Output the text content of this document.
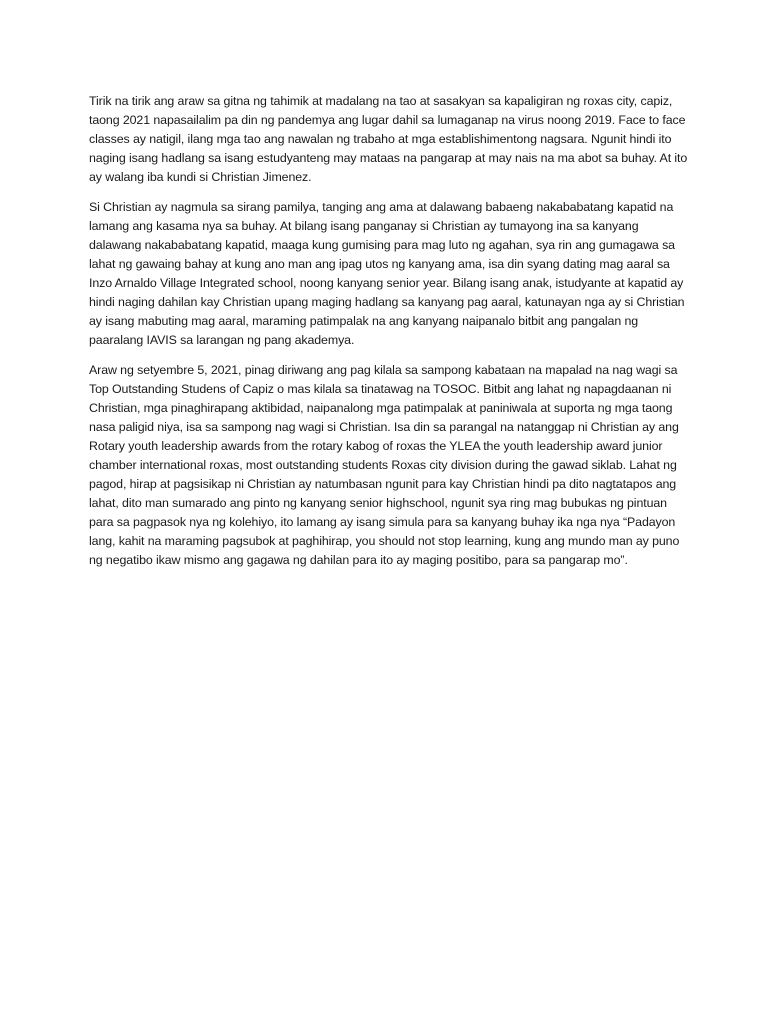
Tirik na tirik ang araw sa gitna ng tahimik at madalang na tao at sasakyan sa kapaligiran ng roxas city, capiz, taong 2021 napasailalim pa din ng pandemya ang lugar dahil sa lumaganap na virus noong 2019. Face to face classes ay natigil, ilang mga tao ang nawalan ng trabaho at mga establishimentong nagsara. Ngunit hindi ito naging isang hadlang sa isang estudyanteng may mataas na pangarap at may nais na ma abot sa buhay. At ito ay walang iba kundi si Christian Jimenez.

Si Christian ay nagmula sa sirang pamilya, tanging ang ama at dalawang babaeng nakababatang kapatid na lamang ang kasama nya sa buhay. At bilang isang panganay si Christian ay tumayong ina sa kanyang dalawang nakababatang kapatid, maaga kung gumising para mag luto ng agahan, sya rin ang gumagawa sa lahat ng gawaing bahay at kung ano man ang ipag utos ng kanyang ama, isa din syang dating mag aaral sa Inzo Arnaldo Village Integrated school, noong kanyang senior year. Bilang isang anak, istudyante at kapatid ay hindi naging dahilan kay Christian upang maging hadlang sa kanyang pag aaral, katunayan nga ay si Christian ay isang mabuting mag aaral, maraming patimpalak na ang kanyang naipanalo bitbit ang pangalan ng paaralang IAVIS sa larangan ng pang akademya.

Araw ng setyembre 5, 2021, pinag diriwang ang pag kilala sa sampong kabataan na mapalad na nag wagi sa Top Outstanding Studens of Capiz o mas kilala sa tinatawag na TOSOC. Bitbit ang lahat ng napagdaanan ni Christian, mga pinaghirapang aktibidad, naipanalong mga patimpalak at paniniwala at suporta ng mga taong nasa paligid niya, isa sa sampong nag wagi si Christian. Isa din sa parangal na natanggap ni Christian ay ang Rotary youth leadership awards from the rotary kabog of roxas the YLEA the youth leadership award junior chamber international roxas, most outstanding students Roxas city division during the gawad siklab. Lahat ng pagod, hirap at pagsisikap ni Christian ay natumbasan ngunit para kay Christian hindi pa dito nagtatapos ang lahat, dito man sumarado ang pinto ng kanyang senior highschool, ngunit sya ring mag bubukas ng pintuan para sa pagpasok nya ng kolehiyo, ito lamang ay isang simula para sa kanyang buhay ika nga nya “Padayon lang, kahit na maraming pagsubok at paghihirap, you should not stop learning, kung ang mundo man ay puno ng negatibo ikaw mismo ang gagawa ng dahilan para ito ay maging positibo, para sa pangarap mo”.
